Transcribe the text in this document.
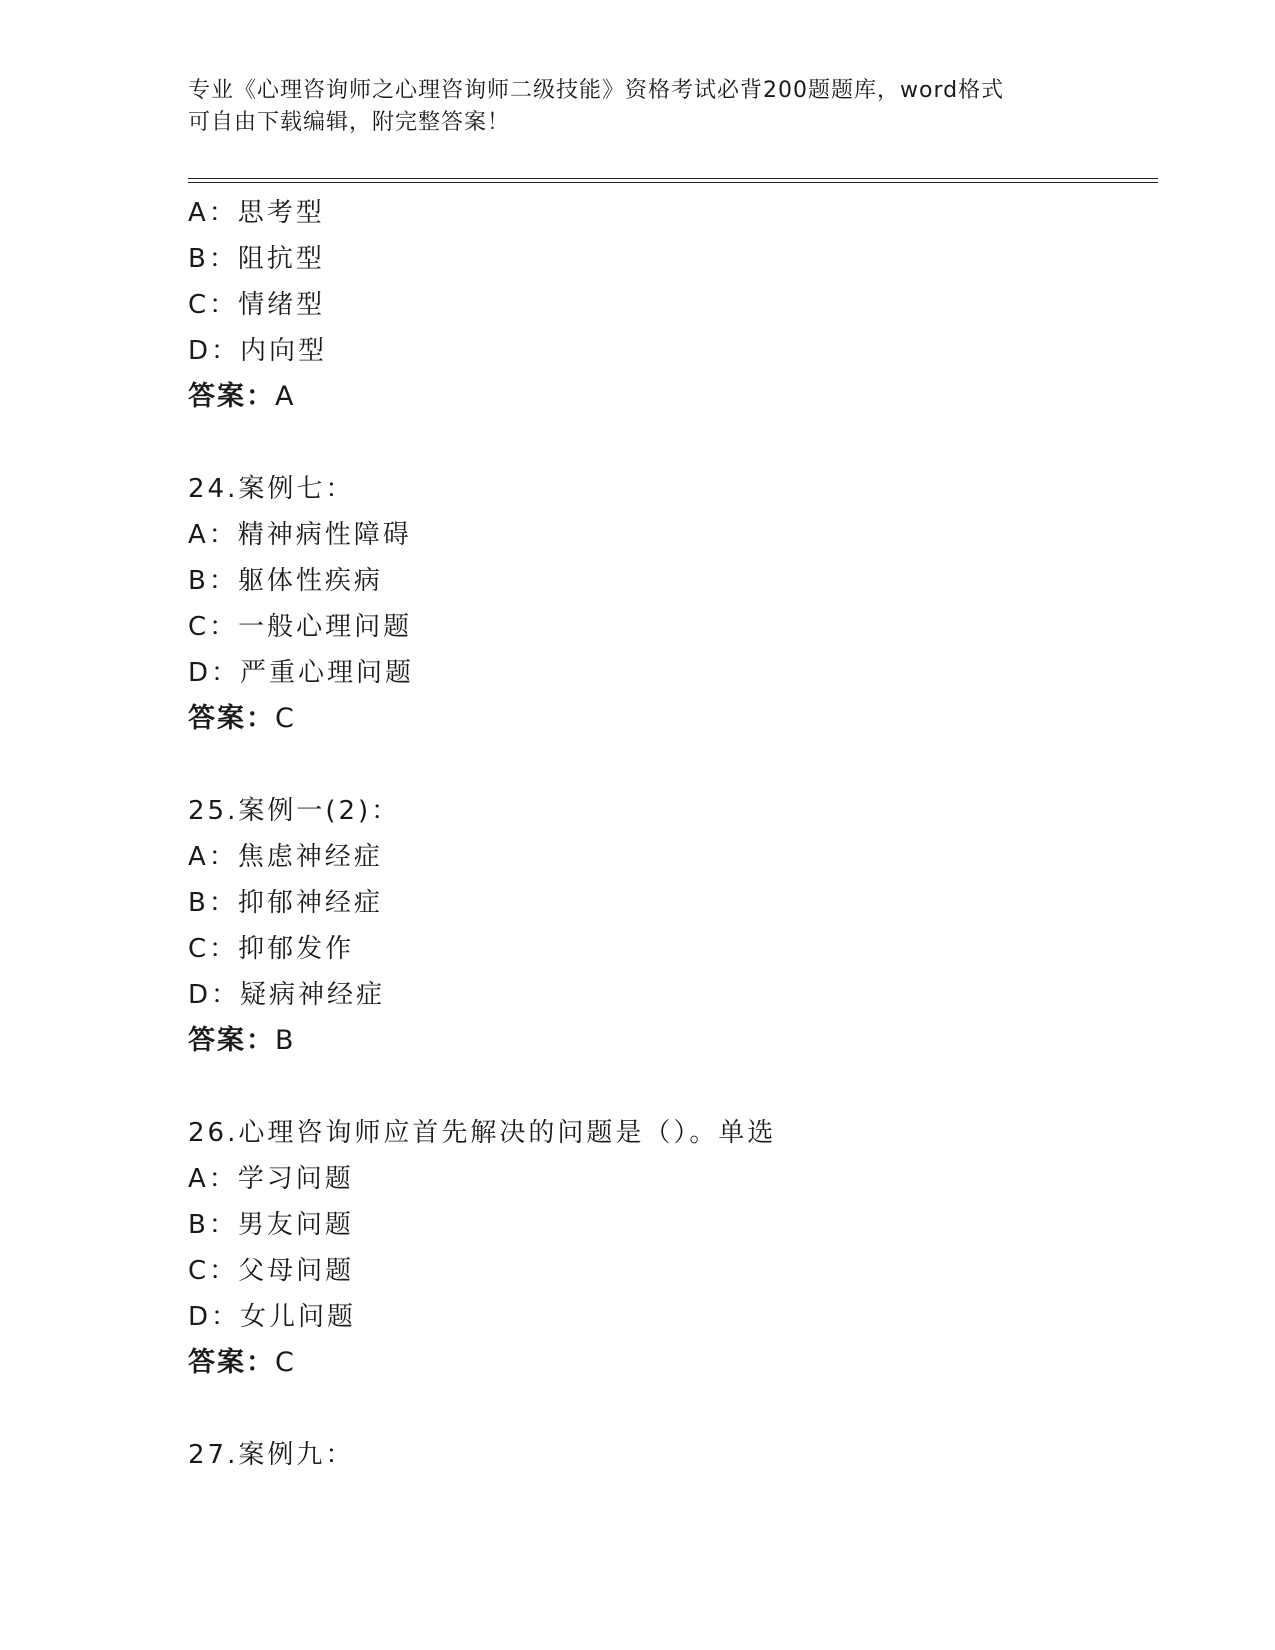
专业《心理咨询师之心理咨询师二级技能》资格考试必背200题题库，word格式
可自由下载编辑，附完整答案！
A：思考型
B：阻抗型
C：情绪型
D：内向型
答案：A
24.案例七：
A：精神病性障碍
B：躯体性疾病
C：一般心理问题
D：严重心理问题
答案：C
25.案例一(2)：
A：焦虑神经症
B：抑郁神经症
C：抑郁发作
D：疑病神经症
答案：B
26.心理咨询师应首先解决的问题是（）。单选
A：学习问题
B：男友问题
C：父母问题
D：女儿问题
答案：C
27.案例九：
